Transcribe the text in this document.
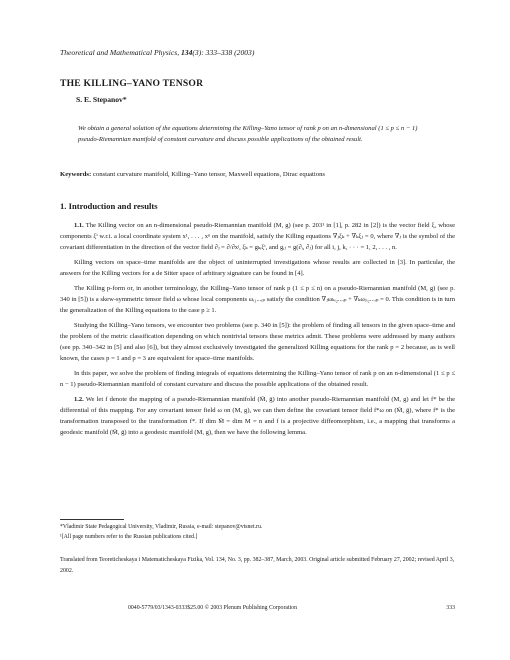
Theoretical and Mathematical Physics, 134(3): 333–338 (2003)
THE KILLING–YANO TENSOR
S. E. Stepanov*
We obtain a general solution of the equations determining the Killing–Yano tensor of rank p on an n-dimensional (1 ≤ p ≤ n − 1) pseudo-Riemannian manifold of constant curvature and discuss possible applications of the obtained result.
Keywords: constant curvature manifold, Killing–Yano tensor, Maxwell equations, Dirac equations
1. Introduction and results

1.1. The Killing vector on an n-dimensional pseudo-Riemannian manifold (M, g) (see p. 203¹ in [1], p. 282 in [2]) is the vector field ξ, whose components ξⁱ w.r.t. a local coordinate system x¹, . . . , xⁿ on the manifold, satisfy the Killing equations ∇ⱼξₖ + ∇ₖξⱼ = 0, where ∇ⱼ is the symbol of the covariant differentiation in the direction of the vector field ∂ⱼ = ∂/∂xʲ, ξₖ = gₖᵢξⁱ, and gᵢⱼ = g(∂ᵢ, ∂ⱼ) for all i, j, k, · · · = 1, 2, . . . , n.

Killing vectors on space–time manifolds are the object of uninterrupted investigations whose results are collected in [3]. In particular, the answers for the Killing vectors for a de Sitter space of arbitrary signature can be found in [4].

The Killing p-form or, in another terminology, the Killing–Yano tensor of rank p (1 ≤ p ≤ n) on a pseudo-Riemannian manifold (M, g) (see p. 340 in [5]) is a skew-symmetric tensor field ω whose local components ωᵢ₁...ᵢₚ satisfy the condition ∇ⱼωₖᵢ₂...ᵢₚ + ∇ₖωⱼᵢ₂...ᵢₚ = 0. This condition is in turn the generalization of the Killing equations to the case p ≥ 1.

Studying the Killing–Yano tensors, we encounter two problems (see p. 340 in [5]): the problem of finding all tensors in the given space–time and the problem of the metric classification depending on which nontrivial tensors these metrics admit. These problems were addressed by many authors (see pp. 340–342 in [5] and also [6]), but they almost exclusively investigated the generalized Killing equations for the rank p = 2 because, as is well known, the cases p = 1 and p = 3 are equivalent for space–time manifolds.

In this paper, we solve the problem of finding integrals of equations determining the Killing–Yano tensor of rank p on an n-dimensional (1 ≤ p ≤ n − 1) pseudo-Riemannian manifold of constant curvature and discuss the possible applications of the obtained result.

1.2. We let f denote the mapping of a pseudo-Riemannian manifold (M̄, ḡ) into another pseudo-Riemannian manifold (M, g) and let f* be the differential of this mapping. For any covariant tensor field ω on (M, g), we can then define the covariant tensor field f*ω on (M̄, ḡ), where f* is the transformation transposed to the transformation f*. If dim M̄ = dim M = n and f is a projective diffeomorphism, i.e., a mapping that transforms a geodesic manifold (M̄, ḡ) into a geodesic manifold (M, g), then we have the following lemma.

*Vladimir State Pedagogical University, Vladimir, Russia, e-mail: stepanov@vtsnet.ru.
¹[All page numbers refer to the Russian publications cited.]
Translated from Teoreticheskaya i Matematicheskaya Fizika, Vol. 134, No. 3, pp. 382–387, March, 2003. Original article submitted February 27, 2002; revised April 3, 2002.
0040-5779/03/1343-0333$25.00 © 2003 Plenum Publishing Corporation	333
